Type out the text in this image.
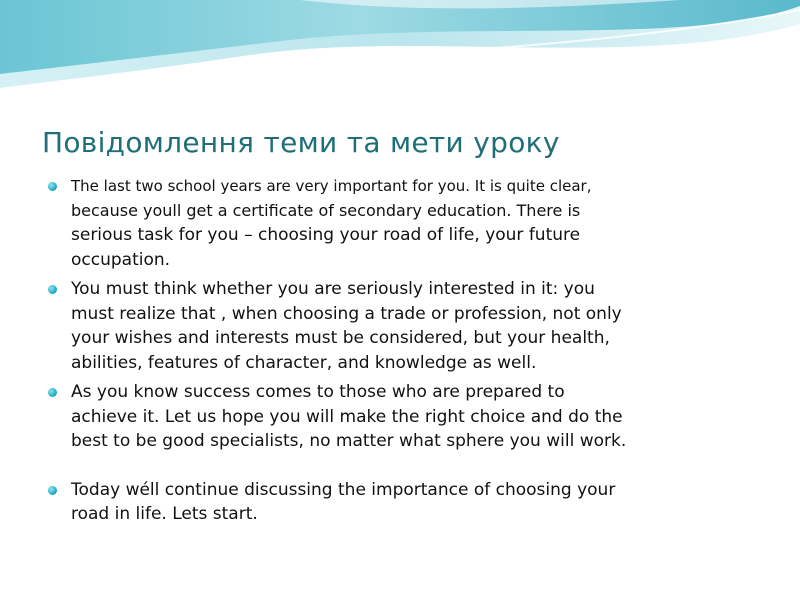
Повідомлення теми та мети уроку
The last two school years are very important for you. It is quite clear,
because youll get a certificate of secondary education. There is
serious task for you – choosing your road of life, your future
occupation.
You must think whether you are seriously interested in it: you
must realize that , when choosing a trade or profession, not only
your wishes and interests must be considered, but your health,
abilities, features of character, and knowledge as well.
As you know success comes to those who are prepared to
achieve it. Let us hope you will make the right choice and do the
best to be good specialists, no matter what sphere you will work.
Today wéll continue discussing the importance of choosing your
road in life. Lets start.
